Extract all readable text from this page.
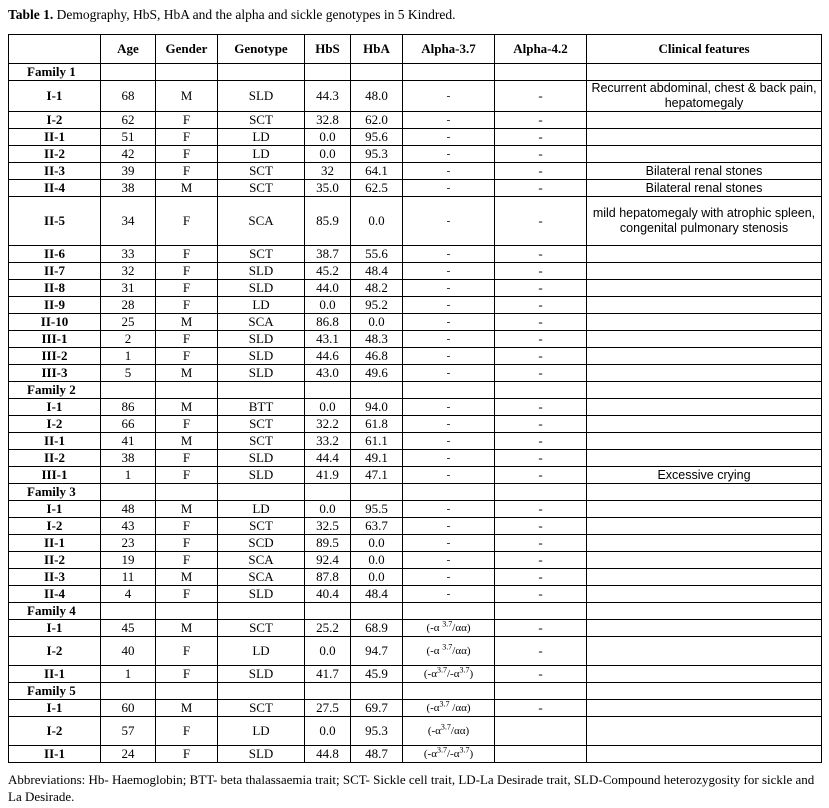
Table 1. Demography, HbS, HbA and the alpha and sickle genotypes in 5 Kindred.
	Age	Gender	Genotype	HbS	HbA	Alpha-3.7	Alpha-4.2	Clinical features
Family 1								
I-1	68	M	SLD	44.3	48.0	-	-	Recurrent abdominal, chest & back pain, hepatomegaly
I-2	62	F	SCT	32.8	62.0	-	-	
II-1	51	F	LD	0.0	95.6	-	-	
II-2	42	F	LD	0.0	95.3	-	-	
II-3	39	F	SCT	32	64.1	-	-	Bilateral renal stones
II-4	38	M	SCT	35.0	62.5	-	-	Bilateral renal stones
II-5	34	F	SCA	85.9	0.0	-	-	mild hepatomegaly with atrophic spleen, congenital pulmonary stenosis
II-6	33	F	SCT	38.7	55.6	-	-	
II-7	32	F	SLD	45.2	48.4	-	-	
II-8	31	F	SLD	44.0	48.2	-	-	
II-9	28	F	LD	0.0	95.2	-	-	
II-10	25	M	SCA	86.8	0.0	-	-	
III-1	2	F	SLD	43.1	48.3	-	-	
III-2	1	F	SLD	44.6	46.8	-	-	
III-3	5	M	SLD	43.0	49.6	-	-	
Family 2								
I-1	86	M	BTT	0.0	94.0	-	-	
I-2	66	F	SCT	32.2	61.8	-	-	
II-1	41	M	SCT	33.2	61.1	-	-	
II-2	38	F	SLD	44.4	49.1	-	-	
III-1	1	F	SLD	41.9	47.1	-	-	Excessive crying
Family 3								
I-1	48	M	LD	0.0	95.5	-	-	
I-2	43	F	SCT	32.5	63.7	-	-	
II-1	23	F	SCD	89.5	0.0	-	-	
II-2	19	F	SCA	92.4	0.0	-	-	
II-3	11	M	SCA	87.8	0.0	-	-	
II-4	4	F	SLD	40.4	48.4	-	-	
Family 4								
I-1	45	M	SCT	25.2	68.9	(-α $^{3.7}$/αα)	-	
I-2	40	F	LD	0.0	94.7	(-α $^{3.7}$/αα)	-	
II-1	1	F	SLD	41.7	45.9	$(-\alpha^{3.7}/-\alpha^{3.7})$	-	
Family 5								
I-1	60	M	SCT	27.5	69.7	($-\alpha^{3.7}$ /αα)	-	
I-2	57	F	LD	0.0	95.3	$(-\alpha^{3.7}/\alpha\alpha)$		
II-1	24	F	SLD	44.8	48.7	$(-\alpha^{3.7}/-\alpha^{3.7})$		
Abbreviations: Hb- Haemoglobin; BTT- beta thalassaemia trait; SCT- Sickle cell trait, LD-La Desirade trait, SLD-Compound heterozygosity for sickle and La Desirade.
